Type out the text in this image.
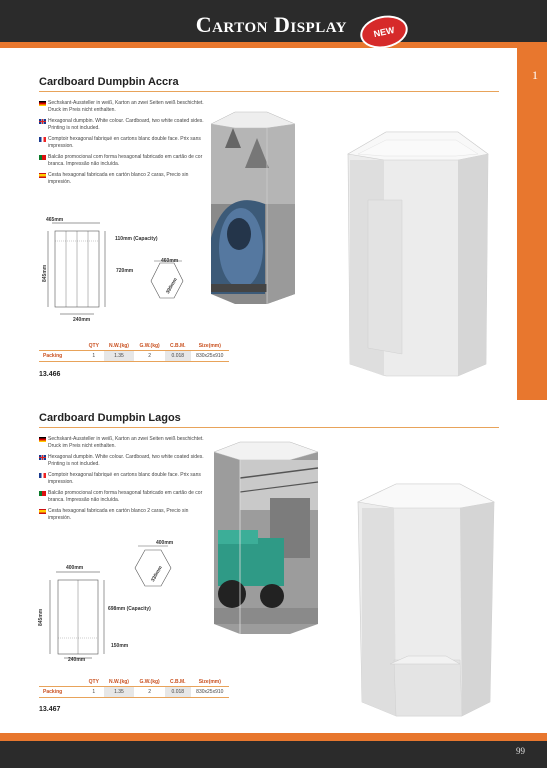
Carton Display	NEW
1
Cardboard Dumpbin Accra
Sechskant-Aussteller in weiß, Karton an zwei Seiten weiß beschichtet. Druck im Preis nicht enthalten.
Hexagonal dumpbin. White colour. Cardboard, two white coated sides. Printing is not included.
Comptoir hexagonal fabriqué en cartons blanc double face. Prix sans impression.
Balcão promocional com forma hexagonal fabricado em cartão de cor branca. Impressão não incluída.
Cesta hexagonal fabricada en cartón blanco 2 caras, Precio sin impresión.
465mm
845mm
110mm (Capacity)
720mm
240mm
460mm
390mm
	QTY	N.W.(kg)	G.W.(kg)	C.B.M.	Size(mm)
Packing	1	1.35	2	0.018	830x25x910
13.466
Cardboard Dumpbin Lagos
Sechskant-Aussteller in weiß, Karton an zwei Seiten weiß beschichtet. Druck im Preis nicht enthalten.
Hexagonal dumpbin. White colour. Cardboard, two white coated sides. Printing is not included.
Comptoir hexagonal fabriqué en cartons blanc double face. Prix sans impression.
Balcão promocional com forma hexagonal fabricado em cartão de cor branca. Impressão não incluída.
Cesta hexagonal fabricada en cartón blanco 2 caras, Precio sin impresión.
400mm
330mm
400mm
845mm	698mm (Capacity)
150mm
240mm
	QTY	N.W.(kg)	G.W.(kg)	C.B.M.	Size(mm)
Packing	1	1.35	2	0.018	830x25x910
13.467
99
